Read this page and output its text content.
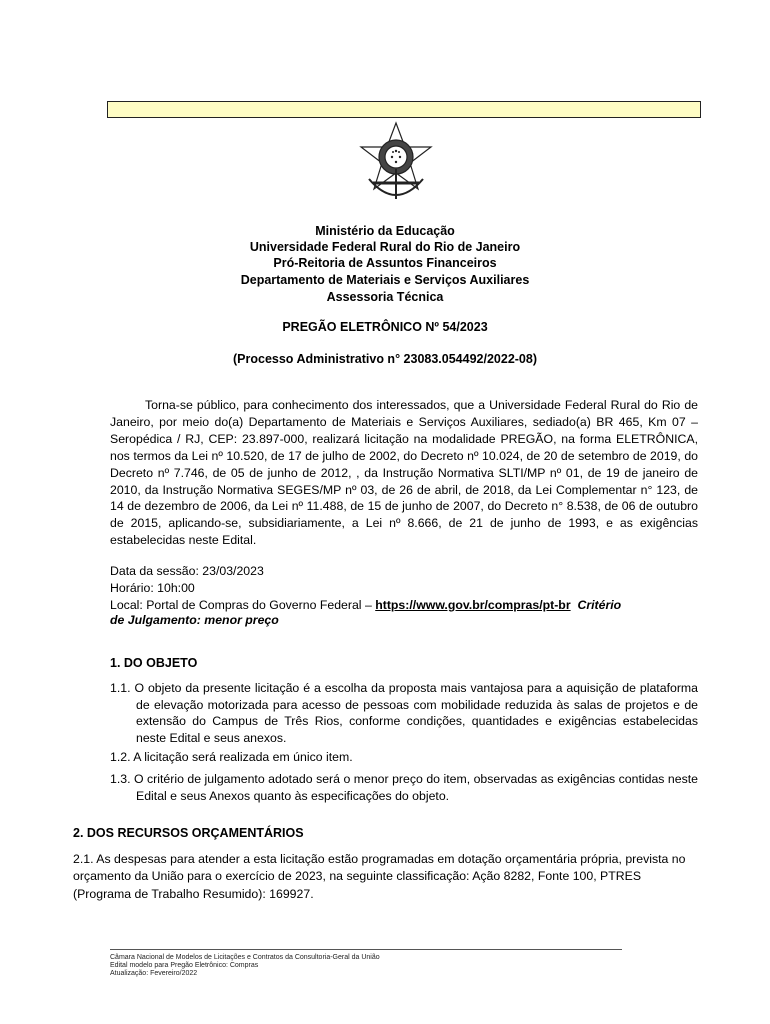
Ministério da Educação
Universidade Federal Rural do Rio de Janeiro
Pró-Reitoria de Assuntos Financeiros
Departamento de Materiais e Serviços Auxiliares
Assessoria Técnica
PREGÃO ELETRÔNICO Nº 54/2023
(Processo Administrativo n° 23083.054492/2022-08)

Torna-se público, para conhecimento dos interessados, que a Universidade Federal Rural do Rio de Janeiro, por meio do(a) Departamento de Materiais e Serviços Auxiliares, sediado(a) BR 465, Km 07 – Seropédica / RJ, CEP: 23.897-000, realizará licitação na modalidade PREGÃO, na forma ELETRÔNICA, nos termos da Lei nº 10.520, de 17 de julho de 2002, do Decreto nº 10.024, de 20 de setembro de 2019, do Decreto nº 7.746, de 05 de junho de 2012, , da Instrução Normativa SLTI/MP nº 01, de 19 de janeiro de 2010, da Instrução Normativa SEGES/MP nº 03, de 26 de abril, de 2018, da Lei Complementar n° 123, de 14 de dezembro de 2006, da Lei nº 11.488, de 15 de junho de 2007, do Decreto n° 8.538, de 06 de outubro de 2015, aplicando-se, subsidiariamente, a Lei nº 8.666, de 21 de junho de 1993, e as exigências estabelecidas neste Edital.

Data da sessão: 23/03/2023
Horário: 10h:00
Local: Portal de Compras do Governo Federal – https://www.gov.br/compras/pt-br Critério
de Julgamento: menor preço
1. DO OBJETO

1.1. O objeto da presente licitação é a escolha da proposta mais vantajosa para a aquisição de plataforma de elevação motorizada para acesso de pessoas com mobilidade reduzida às salas de projetos e de extensão do Campus de Três Rios, conforme condições, quantidades e exigências estabelecidas neste Edital e seus anexos.

1.2. A licitação será realizada em único item.

1.3. O critério de julgamento adotado será o menor preço do item, observadas as exigências contidas neste Edital e seus Anexos quanto às especificações do objeto.

2. DOS RECURSOS ORÇAMENTÁRIOS

2.1. As despesas para atender a esta licitação estão programadas em dotação orçamentária própria, prevista no orçamento da União para o exercício de 2023, na seguinte classificação: Ação 8282, Fonte 100, PTRES (Programa de Trabalho Resumido): 169927.

Câmara Nacional de Modelos de Licitações e Contratos da Consultoria-Geral da União
Edital modelo para Pregão Eletrônico: Compras
Atualização: Fevereiro/2022
